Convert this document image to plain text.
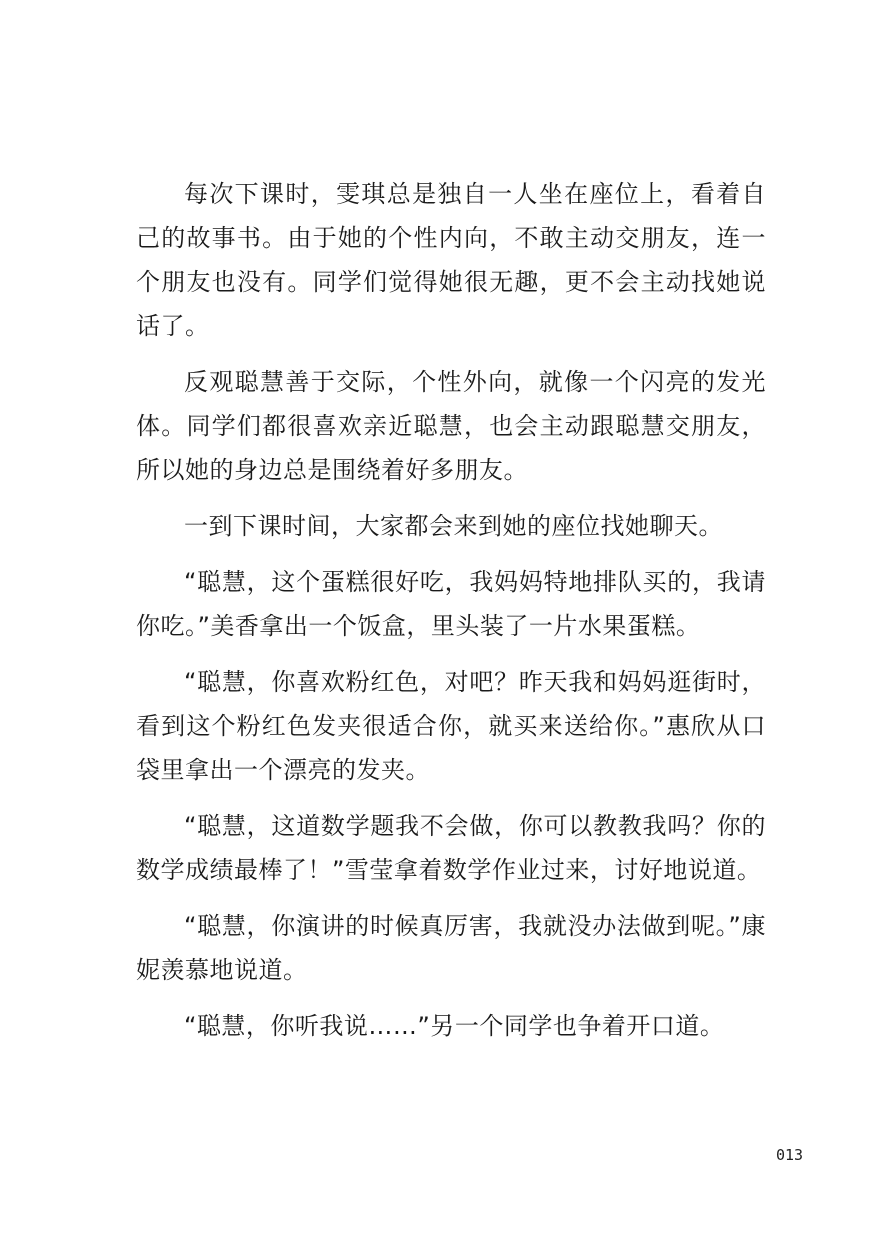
每次下课时，雯琪总是独自一人坐在座位上，看着自己的故事书。由于她的个性内向，不敢主动交朋友，连一个朋友也没有。同学们觉得她很无趣，更不会主动找她说话了。

反观聪慧善于交际，个性外向，就像一个闪亮的发光体。同学们都很喜欢亲近聪慧，也会主动跟聪慧交朋友，所以她的身边总是围绕着好多朋友。

一到下课时间，大家都会来到她的座位找她聊天。

“聪慧，这个蛋糕很好吃，我妈妈特地排队买的，我请你吃。”美香拿出一个饭盒，里头装了一片水果蛋糕。

“聪慧，你喜欢粉红色，对吧？昨天我和妈妈逛街时，看到这个粉红色发夹很适合你，就买来送给你。”惠欣从口袋里拿出一个漂亮的发夹。

“聪慧，这道数学题我不会做，你可以教教我吗？你的数学成绩最棒了！”雪莹拿着数学作业过来，讨好地说道。

“聪慧，你演讲的时候真厉害，我就没办法做到呢。”康妮羡慕地说道。

“聪慧，你听我说……”另一个同学也争着开口道。

013
